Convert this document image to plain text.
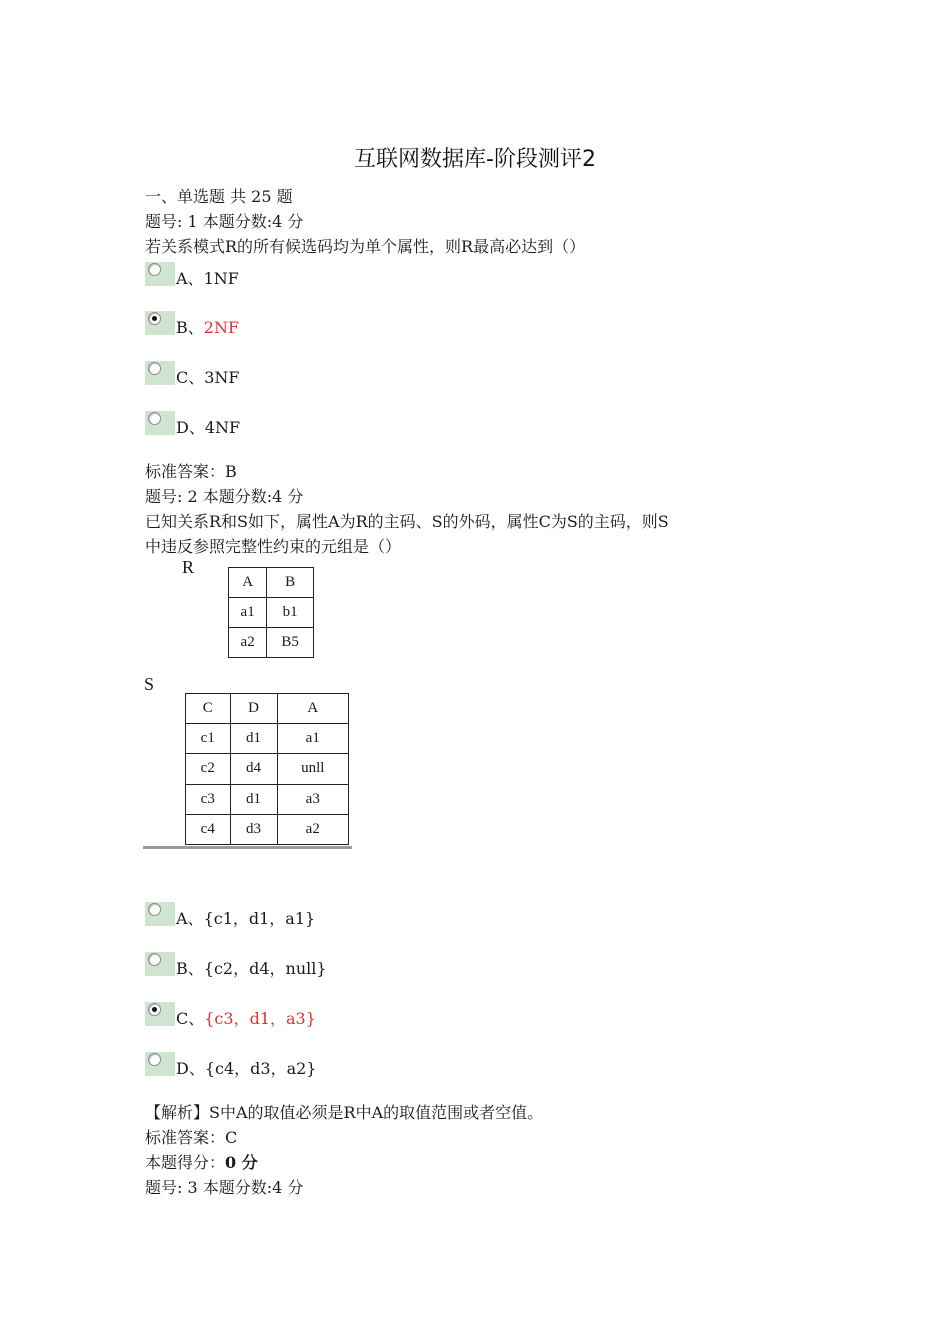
互联网数据库-阶段测评2
一、单选题 共 25 题
题号: 1 本题分数:4 分
若关系模式R的所有候选码均为单个属性，则R最高必达到（）
A、1NF
B、2NF
C、3NF
D、4NF
标准答案：B
题号: 2 本题分数:4 分
已知关系R和S如下，属性A为R的主码、S的外码，属性C为S的主码，则S
中违反参照完整性约束的元组是（）
R
A	B
a1	b1
a2	B5
S
C	D	A
c1	d1	a1
c2	d4	unll
c3	d1	a3
c4	d3	a2
A、{c1，d1，a1}
B、{c2，d4，null}
C、{c3，d1，a3}
D、{c4，d3，a2}
【解析】S中A的取值必须是R中A的取值范围或者空值。
标准答案：C
本题得分：0 分
题号: 3 本题分数:4 分
